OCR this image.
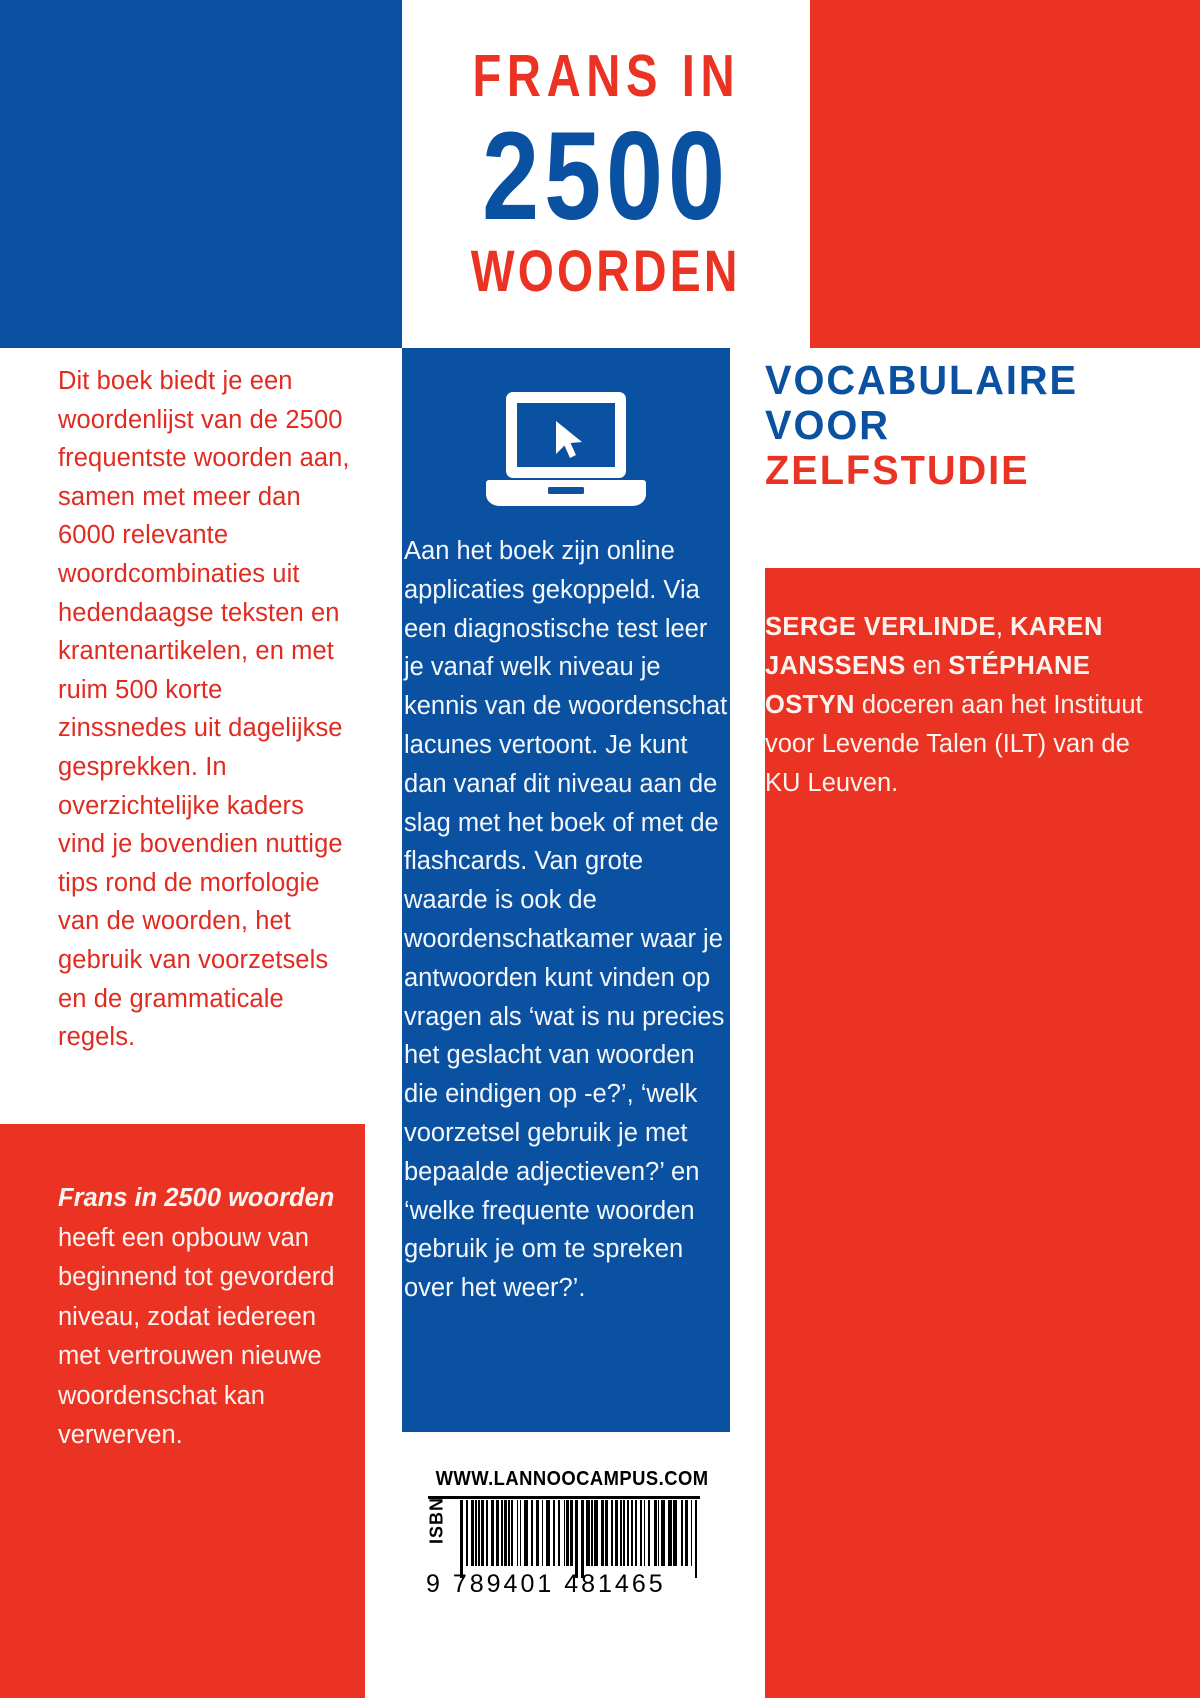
FRANS IN
2500
WOORDEN
Dit boek biedt je een woordenlijst van de 2500 frequentste woorden aan, samen met meer dan 6000 relevante woordcombinaties uit hedendaagse teksten en krantenartikelen, en met ruim 500 korte zinssnedes uit dagelijkse gesprekken. In overzichtelijke kaders vind je bovendien nuttige tips rond de morfologie van de woorden, het gebruik van voorzetsels en de grammaticale regels.
Frans in 2500 woorden heeft een opbouw van beginnend tot gevorderd niveau, zodat iedereen met vertrouwen nieuwe woordenschat kan verwerven.
Aan het boek zijn online applicaties gekoppeld. Via een diagnostische test leer je vanaf welk niveau je kennis van de woordenschat lacunes vertoont. Je kunt dan vanaf dit niveau aan de slag met het boek of met de flashcards. Van grote waarde is ook de woordenschatkamer waar je antwoorden kunt vinden op vragen als ‘wat is nu precies het geslacht van woorden die eindigen op -e?’, ‘welk voorzetsel gebruik je met bepaalde adjectieven?’ en ‘welke frequente woorden gebruik je om te spreken over het weer?’.
WWW.LANNOOCAMPUS.COM
ISBN
9 789401 481465
VOCABULAIRE
VOOR
ZELFSTUDIE
SERGE VERLINDE, KAREN JANSSENS en STÉPHANE OSTYN doceren aan het Instituut voor Levende Talen (ILT) van de KU Leuven.
